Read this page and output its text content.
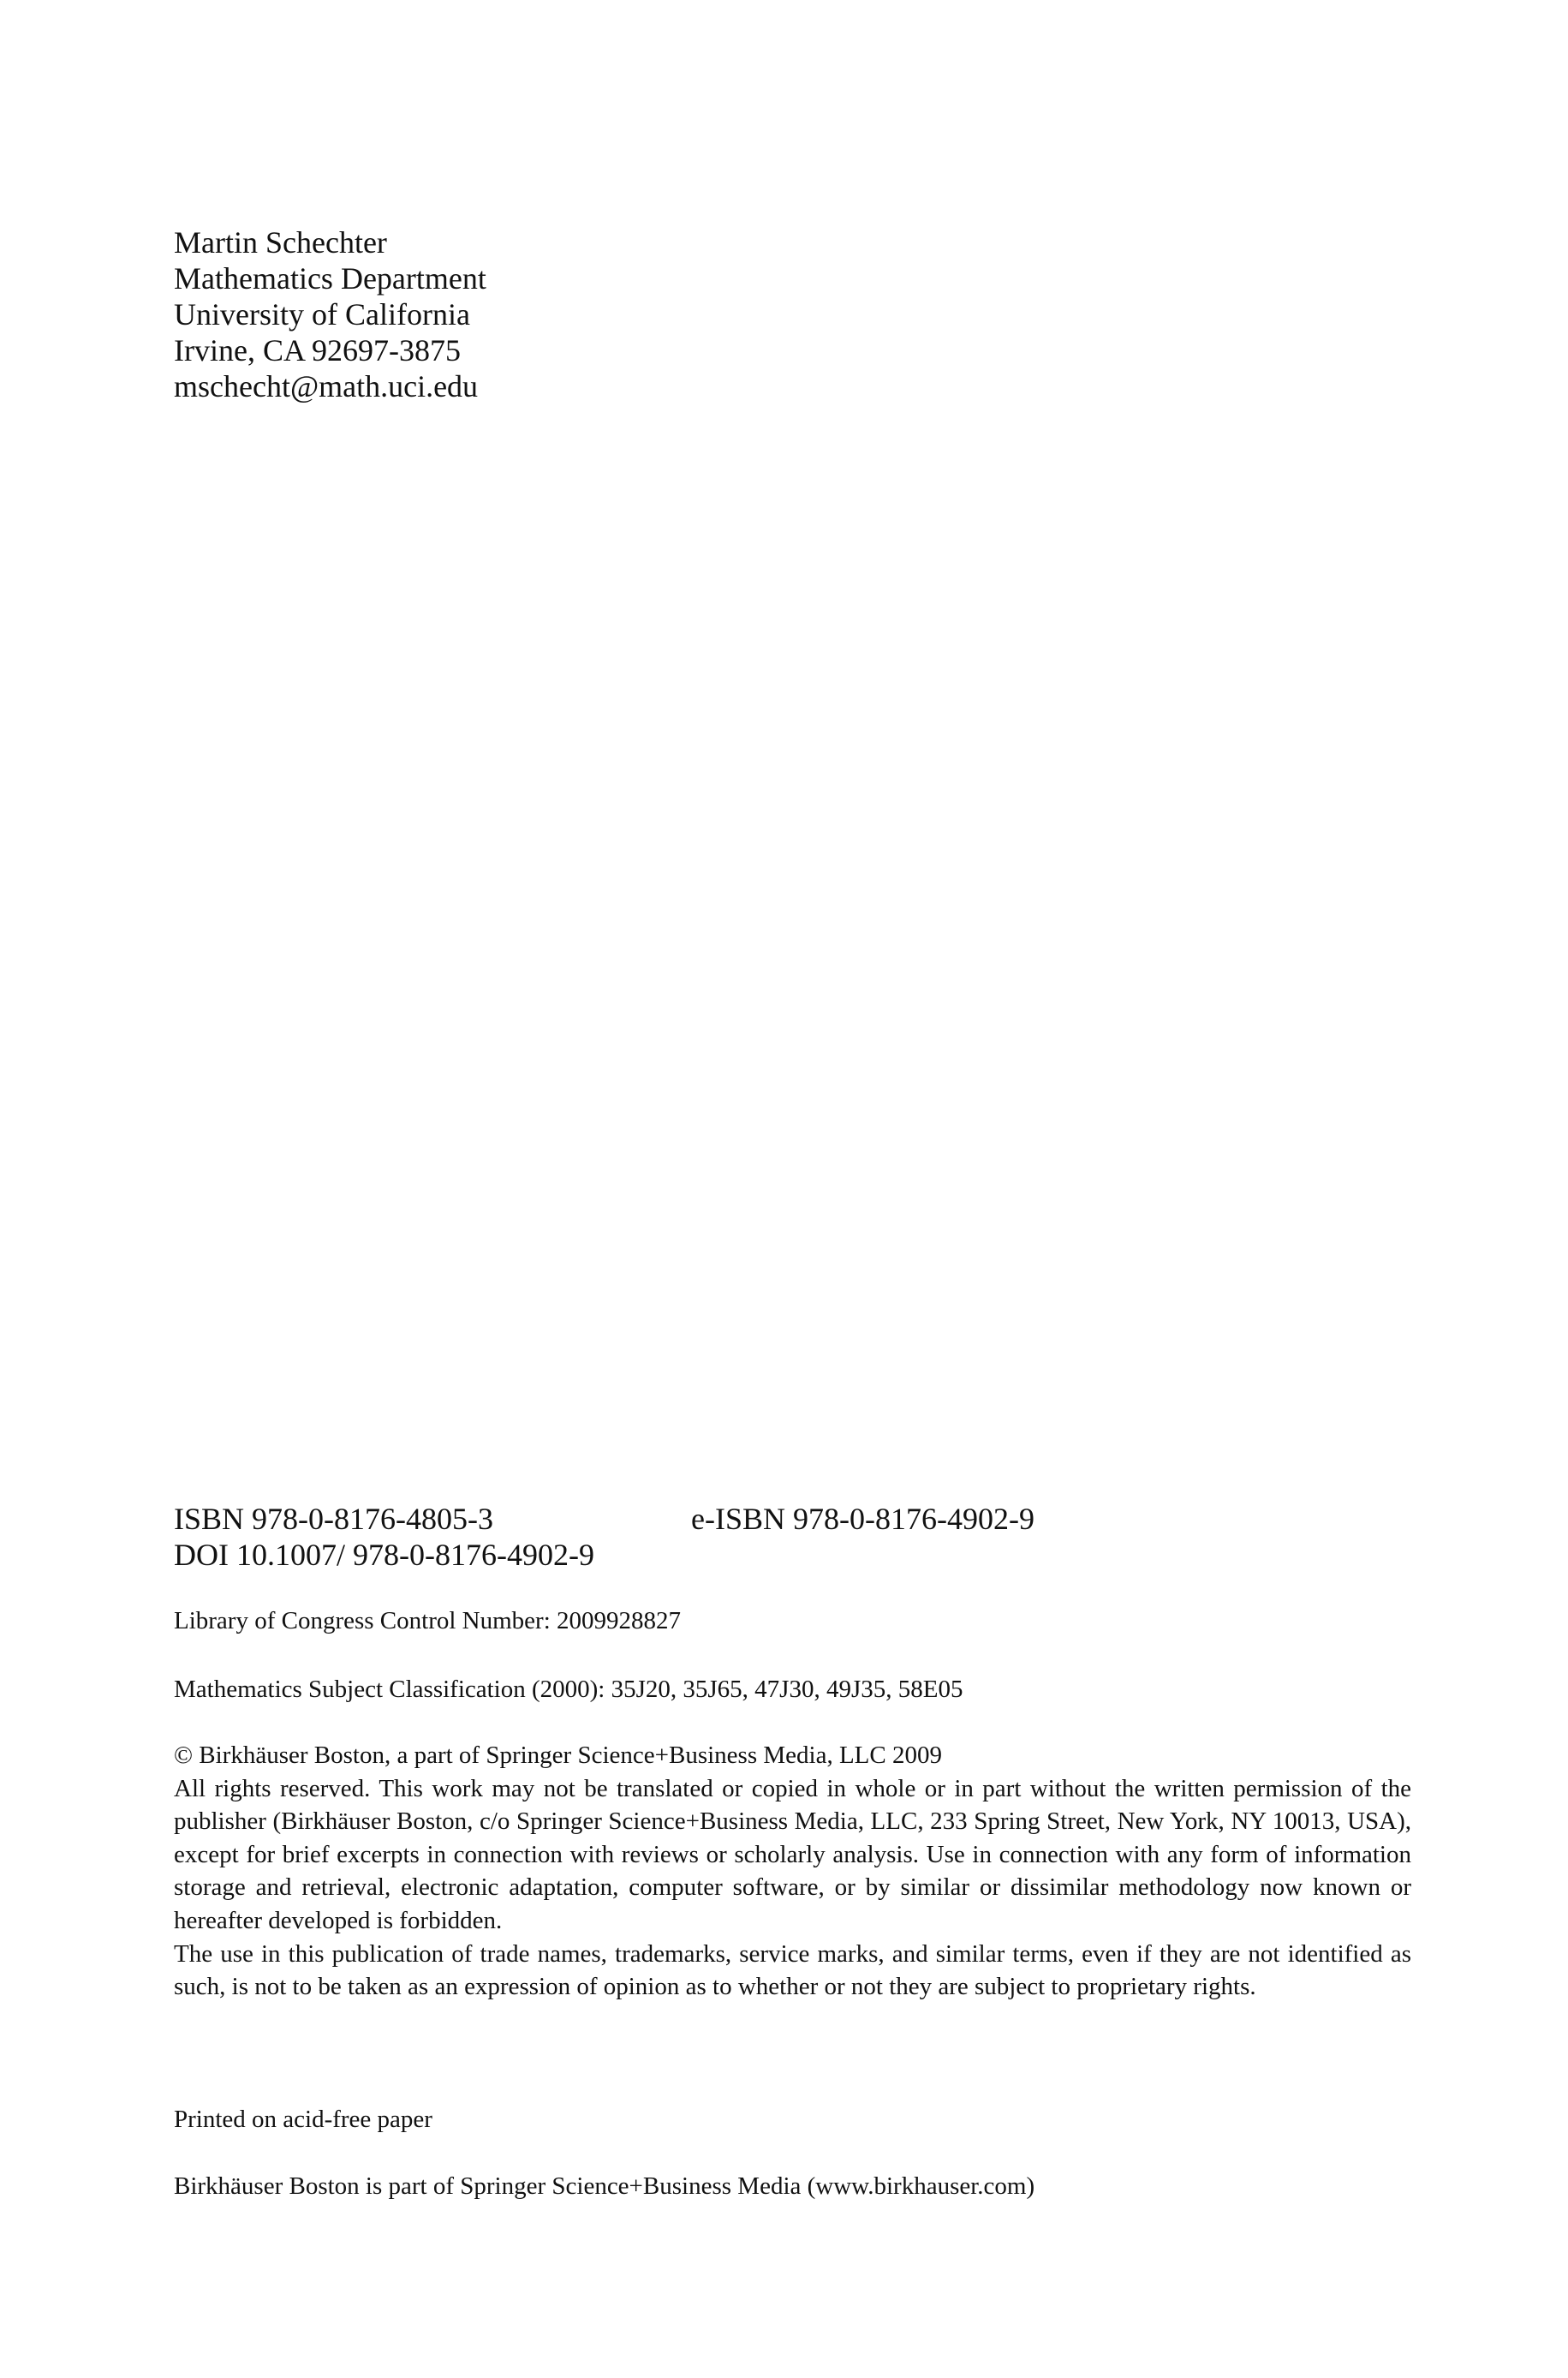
Martin Schechter
Mathematics Department
University of California
Irvine, CA 92697-3875
mschecht@math.uci.edu
ISBN 978-0-8176-4805-3	e-ISBN 978-0-8176-4902-9
DOI 10.1007/ 978-0-8176-4902-9
Library of Congress Control Number: 2009928827
Mathematics Subject Classification (2000): 35J20, 35J65, 47J30, 49J35, 58E05
© Birkhäuser Boston, a part of Springer Science+Business Media, LLC 2009
All rights reserved. This work may not be translated or copied in whole or in part without the written permission of the publisher (Birkhäuser Boston, c/o Springer Science+Business Media, LLC, 233 Spring Street, New York, NY 10013, USA), except for brief excerpts in connection with reviews or scholarly analysis. Use in connection with any form of information storage and retrieval, electronic adaptation, computer software, or by similar or dissimilar methodology now known or hereafter developed is forbidden.
The use in this publication of trade names, trademarks, service marks, and similar terms, even if they are not identified as such, is not to be taken as an expression of opinion as to whether or not they are subject to proprietary rights.
Printed on acid-free paper
Birkhäuser Boston is part of Springer Science+Business Media (www.birkhauser.com)
